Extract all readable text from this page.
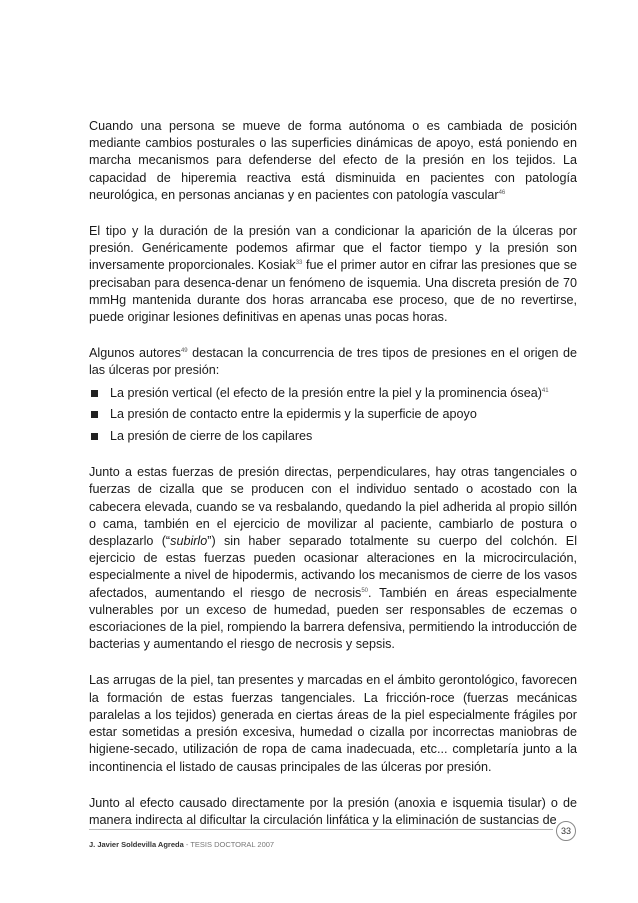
Cuando una persona se mueve de forma autónoma o es cambiada de posición mediante cambios posturales o las superficies dinámicas de apoyo, está poniendo en marcha mecanismos para defenderse del efecto de la presión en los tejidos. La capacidad de hiperemia reactiva está disminuida en pacientes con patología neurológica, en personas ancianas y en pacientes con patología vascular$^{46}$

El tipo y la duración de la presión van a condicionar la aparición de la úlceras por presión. Genéricamente podemos afirmar que el factor tiempo y la presión son inversamente proporcionales. Kosiak$^{33}$ fue el primer autor en cifrar las presiones que se precisaban para desenca-denar un fenómeno de isquemia. Una discreta presión de 70 mmHg mantenida durante dos horas arrancaba ese proceso, que de no revertirse, puede originar lesiones definitivas en apenas unas pocas horas.

Algunos autores$^{49}$ destacan la concurrencia de tres tipos de presiones en el origen de las úlceras por presión:

La presión vertical (el efecto de la presión entre la piel y la prominencia ósea)$^{41}$
La presión de contacto entre la epidermis y la superficie de apoyo
La presión de cierre de los capilares

Junto a estas fuerzas de presión directas, perpendiculares, hay otras tangenciales o fuerzas de cizalla que se producen con el individuo sentado o acostado con la cabecera elevada, cuando se va resbalando, quedando la piel adherida al propio sillón o cama, también en el ejercicio de movilizar al paciente, cambiarlo de postura o desplazarlo (“subirlo”) sin haber separado totalmente su cuerpo del colchón. El ejercicio de estas fuerzas pueden ocasionar alteraciones en la microcirculación, especialmente a nivel de hipodermis, activando los mecanismos de cierre de los vasos afectados, aumentando el riesgo de necrosis$^{50}$. También en áreas especialmente vulnerables por un exceso de humedad, pueden ser responsables de eczemas o escoriaciones de la piel, rompiendo la barrera defensiva, permitiendo la introducción de bacterias y aumentando el riesgo de necrosis y sepsis.

Las arrugas de la piel, tan presentes y marcadas en el ámbito gerontológico, favorecen la formación de estas fuerzas tangenciales. La fricción-roce (fuerzas mecánicas paralelas a los tejidos) generada en ciertas áreas de la piel especialmente frágiles por estar sometidas a presión excesiva, humedad o cizalla por incorrectas maniobras de higiene-secado, utilización de ropa de cama inadecuada, etc... completaría junto a la incontinencia el listado de causas principales de las úlceras por presión.

Junto al efecto causado directamente por la presión (anoxia e isquemia tisular) o de manera indirecta al dificultar la circulación linfática y la eliminación de sustancias de

33
J. Javier Soldevilla Agreda - TESIS DOCTORAL 2007
